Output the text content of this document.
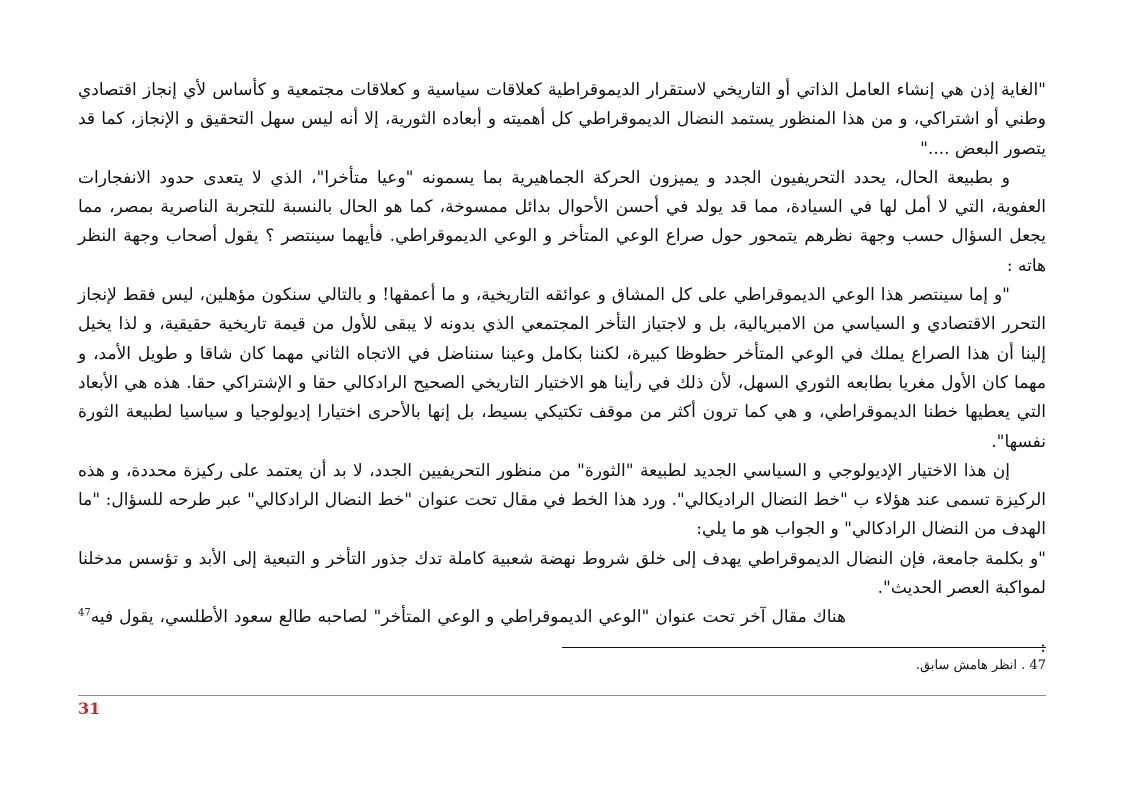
"الغاية إذن هي إنشاء العامل الذاتي أو التاريخي لاستقرار الديموقراطية كعلاقات سياسية و كعلاقات مجتمعية و كأساس لأي إنجاز اقتصادي وطني أو اشتراكي، و من هذا المنظور يستمد النضال الديموقراطي كل أهميته و أبعاده الثورية، إلا أنه ليس سهل التحقيق و الإنجاز، كما قد يتصور البعض ...."

و بطبيعة الحال، يحدد التحريفيون الجدد و يميزون الحركة الجماهيرية بما يسمونه "وعيا متأخرا"، الذي لا يتعدى حدود الانفجارات العفوية، التي لا أمل لها في السيادة، مما قد يولد في أحسن الأحوال بدائل ممسوخة، كما هو الحال بالنسبة للتجربة الناصرية بمصر، مما يجعل السؤال حسب وجهة نظرهم يتمحور حول صراع الوعي المتأخر و الوعي الديموقراطي. فأيهما سينتصر ؟ يقول أصحاب وجهة النظر هاته :

"و إما سينتصر هذا الوعي الديموقراطي على كل المشاق و عوائقه التاريخية، و ما أعمقها! و بالتالي سنكون مؤهلين، ليس فقط لإنجاز التحرر الاقتصادي و السياسي من الامبريالية، بل و لاجتياز التأخر المجتمعي الذي بدونه لا يبقى للأول من قيمة تاريخية حقيقية، و لذا يخيل إلينا أن هذا الصراع يملك في الوعي المتأخر حظوظا كبيرة، لكننا بكامل وعينا سنناضل في الاتجاه الثاني مهما كان شاقا و طويل الأمد، و مهما كان الأول مغريا بطابعه الثوري السهل، لأن ذلك في رأينا هو الاختيار التاريخي الصحيح الرادكالي حقا و الإشتراكي حقا. هذه هي الأبعاد التي يعطيها خطنا الديموقراطي، و هي كما ترون أكثر من موقف تكتيكي بسيط، بل إنها بالأحرى اختيارا إديولوجيا و سياسيا لطبيعة الثورة نفسها".

إن هذا الاختيار الإديولوجي و السياسي الجديد لطبيعة "الثورة" من منظور التحريفيين الجدد، لا بد أن يعتمد على ركيزة محددة، و هذه الركيزة تسمى عند هؤلاء ب "خط النضال الراديكالي". ورد هذا الخط في مقال تحت عنوان "خط النضال الرادكالي" عبر طرحه للسؤال: "ما الهدف من النضال الرادكالي" و الجواب هو ما يلي:

"و بكلمة جامعة، فإن النضال الديموقراطي يهدف إلى خلق شروط نهضة شعبية كاملة تدك جذور التأخر و التبعية إلى الأبد و تؤسس مدخلنا لمواكبة العصر الحديث".

هناك مقال آخر تحت عنوان "الوعي الديموقراطي و الوعي المتأخر" لصاحبه طالع سعود الأطلسي، يقول فيه$^{47}$ :

47 . انظر هامش سابق.
31
